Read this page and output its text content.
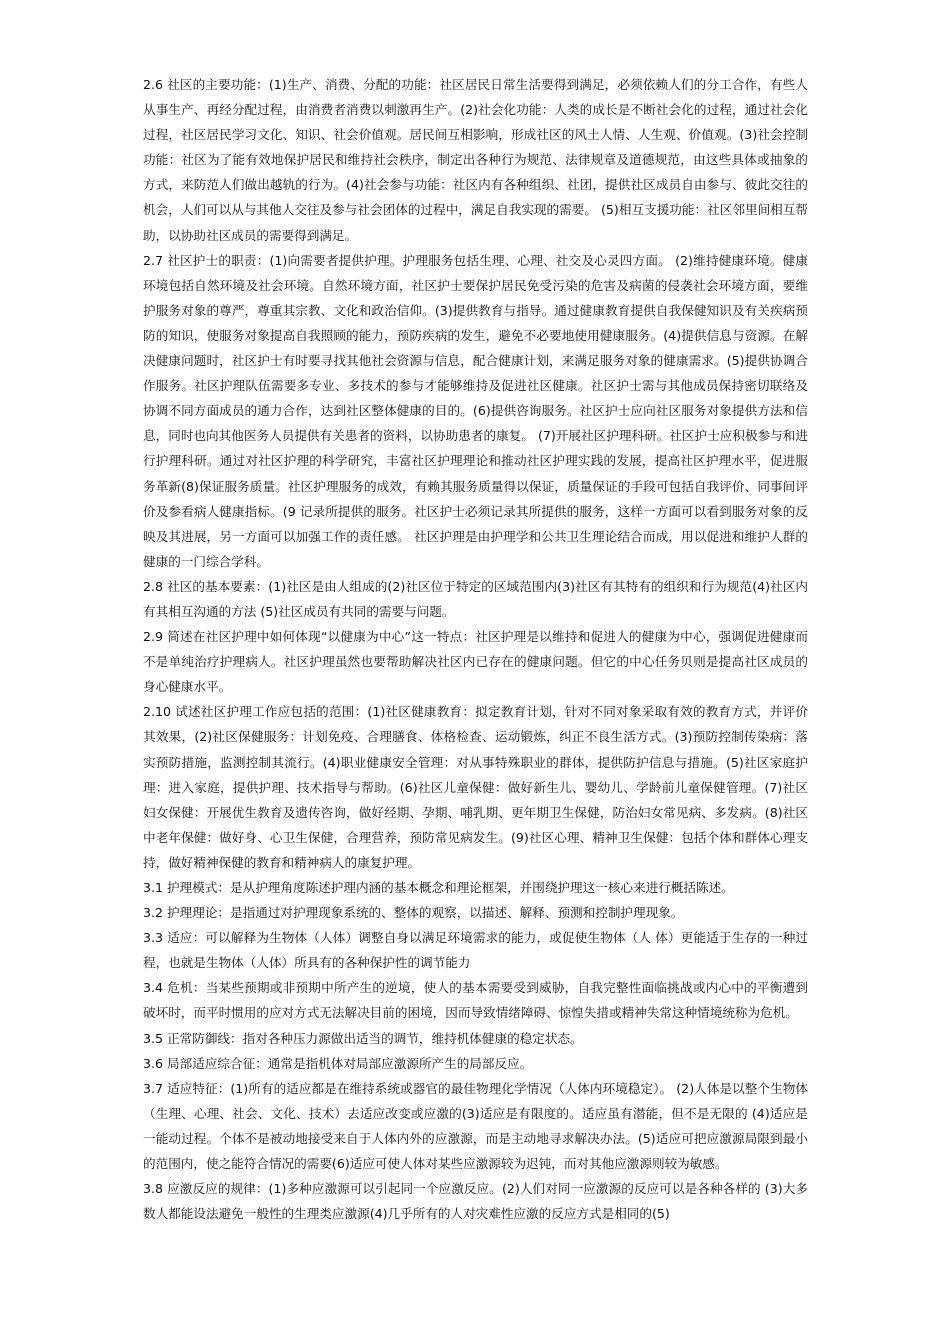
2.6 社区的主要功能：(1)生产、消费、分配的功能：社区居民日常生活要得到满足，必须依赖人们的分工合作，有些人从事生产、再经分配过程，由消费者消费以刺激再生产。(2)社会化功能：人类的成长是不断社会化的过程，通过社会化过程，社区居民学习文化、知识、社会价值观。居民间互相影响，形成社区的风土人情、人生观、价值观。(3)社会控制功能：社区为了能有效地保护居民和维持社会秩序，制定出各种行为规范、法律规章及道德规范，由这些具体或抽象的方式，来防范人们做出越轨的行为。(4)社会参与功能：社区内有各种组织、社团，提供社区成员自由参与、彼此交往的机会，人们可以从与其他人交往及参与社会团体的过程中，满足自我实现的需要。 (5)相互支援功能：社区邻里间相互帮助，以协助社区成员的需要得到满足。

2.7 社区护士的职责：(1)向需要者提供护理。护理服务包括生理、心理、社交及心灵四方面。 (2)维持健康环境。健康环境包括自然环境及社会环境。自然环境方面，社区护士要保护居民免受污染的危害及病菌的侵袭社会环境方面，要维护服务对象的尊严，尊重其宗教、文化和政治信仰。(3)提供教育与指导。通过健康教育提供自我保健知识及有关疾病预防的知识，使服务对象提高自我照顾的能力，预防疾病的发生，避免不必要地使用健康服务。(4)提供信息与资源。在解决健康问题时，社区护士有时要寻找其他社会资源与信息，配合健康计划，来满足服务对象的健康需求。(5)提供协调合作服务。社区护理队伍需要多专业、多技术的参与才能够维持及促进社区健康。社区护士需与其他成员保持密切联络及协调不同方面成员的通力合作，达到社区整体健康的目的。(6)提供咨询服务。社区护士应向社区服务对象提供方法和信息，同时也向其他医务人员提供有关患者的资料，以协助患者的康复。 (7)开展社区护理科研。社区护士应积极参与和进行护理科研。通过对社区护理的科学研究，丰富社区护理理论和推动社区护理实践的发展，提高社区护理水平，促进服务革新(8)保证服务质量。社区护理服务的成效，有赖其服务质量得以保证，质量保证的手段可包括自我评价、同事间评价及参看病人健康指标。(9 记录所提供的服务。社区护士必须记录其所提供的服务，这样一方面可以看到服务对象的反映及其进展，另一方面可以加强工作的责任感。 社区护理是由护理学和公共卫生理论结合而成，用以促进和维护人群的健康的一门综合学科。

2.8 社区的基本要素：(1)社区是由人组成的(2)社区位于特定的区域范围内(3)社区有其特有的组织和行为规范(4)社区内有其相互沟通的方法 (5)社区成员有共同的需要与问题。

2.9 简述在社区护理中如何体现“以健康为中心”这一特点：社区护理是以维持和促进人的健康为中心，强调促进健康而不是单纯治疗护理病人。社区护理虽然也要帮助解决社区内已存在的健康问题。但它的中心任务贝则是提高社区成员的身心健康水平。

2.10 试述社区护理工作应包括的范围：(1)社区健康教育：拟定教育计划，针对不同对象采取有效的教育方式，并评价其效果，(2)社区保健服务：计划免疫、合理膳食、体格检查、运动锻炼，纠正不良生活方式。(3)预防控制传染病：落实预防措施，监测控制其流行。(4)职业健康安全管理：对从事特殊职业的群体，提供防护信息与措施。(5)社区家庭护理：进入家庭，提供护理、技术指导与帮助。(6)社区儿童保健：做好新生儿、婴幼儿、学龄前儿童保健管理。(7)社区妇女保健：开展优生教育及遗传咨询，做好经期、孕期、哺乳期、更年期卫生保健，防治妇女常见病、多发病。(8)社区中老年保健：做好身、心卫生保健，合理营养，预防常见病发生。(9)社区心理、精神卫生保健：包括个体和群体心理支持，做好精神保健的教育和精神病人的康复护理。

3.1 护理模式：是从护理角度陈述护理内涵的基本概念和理论框架，并围绕护理这一核心来进行概括陈述。

3.2 护理理论：是指通过对护理现象系统的、整体的观察，以描述、解释、预测和控制护理现象。

3.3 适应：可以解释为生物体（人体）调整自身以满足环境需求的能力，或促使生物体（人 体）更能适于生存的一种过程，也就是生物体（人体）所具有的各种保护性的调节能力

3.4 危机：当某些预期或非预期中所产生的逆境，使人的基本需要受到威胁，自我完整性面临挑战或内心中的平衡遭到破坏时，而平时惯用的应对方式无法解决目前的困境，因而导致情绪障碍、惊惶失措或精神失常这种情境统称为危机。

3.5 正常防御线：指对各种压力源做出适当的调节，维持机体健康的稳定状态。

3.6 局部适应综合征：通常是指机体对局部应激源所产生的局部反应。

3.7 适应特征：(1)所有的适应都是在维持系统或器官的最佳物理化学情况（人体内环境稳定）。 (2)人体是以整个生物体（生理、心理、社会、文化、技术）去适应改变或应激的(3)适应是有限度的。适应虽有潜能，但不是无限的 (4)适应是一能动过程。个体不是被动地接受来自于人体内外的应激源，而是主动地寻求解决办法。(5)适应可把应激源局限到最小的范围内，使之能符合情况的需要(6)适应可使人体对某些应激源较为迟钝，而对其他应激源则较为敏感。

3.8 应激反应的规律：(1)多种应激源可以引起同一个应激反应。(2)人们对同一应激源的反应可以是各种各样的 (3)大多数人都能设法避免一般性的生理类应激源(4)几乎所有的人对灾难性应激的反应方式是相同的(5)
